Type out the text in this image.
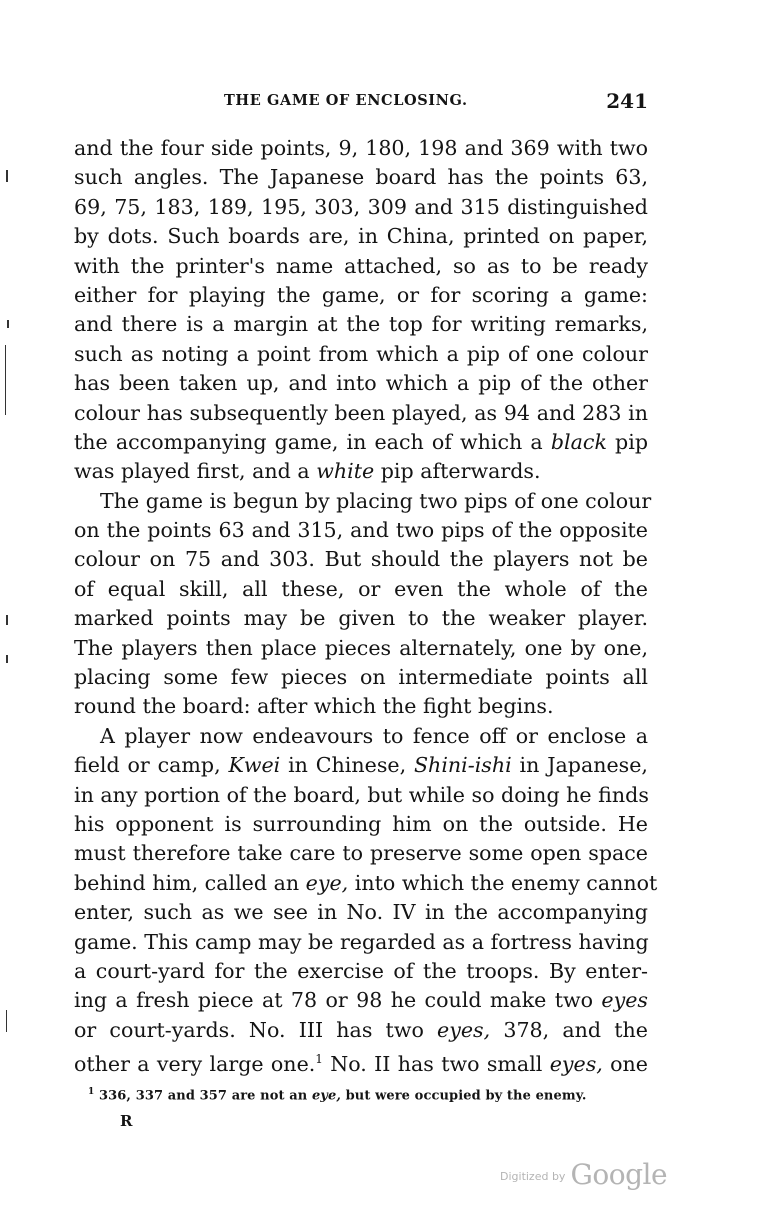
THE GAME OF ENCLOSING.	241
and the four side points, 9, 180, 198 and 369 with two
such angles. The Japanese board has the points 63,
69, 75, 183, 189, 195, 303, 309 and 315 distinguished
by dots. Such boards are, in China, printed on paper,
with the printer's name attached, so as to be ready
either for playing the game, or for scoring a game:
and there is a margin at the top for writing remarks,
such as noting a point from which a pip of one colour
has been taken up, and into which a pip of the other
colour has subsequently been played, as 94 and 283 in
the accompanying game, in each of which a black pip
was played first, and a white pip afterwards.
The game is begun by placing two pips of one colour
on the points 63 and 315, and two pips of the opposite
colour on 75 and 303. But should the players not be
of equal skill, all these, or even the whole of the
marked points may be given to the weaker player.
The players then place pieces alternately, one by one,
placing some few pieces on intermediate points all
round the board: after which the fight begins.
A player now endeavours to fence off or enclose a
field or camp, Kwei in Chinese, Shini-ishi in Japanese,
in any portion of the board, but while so doing he finds
his opponent is surrounding him on the outside. He
must therefore take care to preserve some open space
behind him, called an eye, into which the enemy cannot
enter, such as we see in No. IV in the accompanying
game. This camp may be regarded as a fortress having
a court-yard for the exercise of the troops. By enter-
ing a fresh piece at 78 or 98 he could make two eyes
or court-yards. No. III has two eyes, 378, and the
other a very large one.$^1$ No. II has two small eyes, one
$^1$ 336, 337 and 357 are not an eye, but were occupied by the enemy.
R
$^{Digitized by}$ Google
